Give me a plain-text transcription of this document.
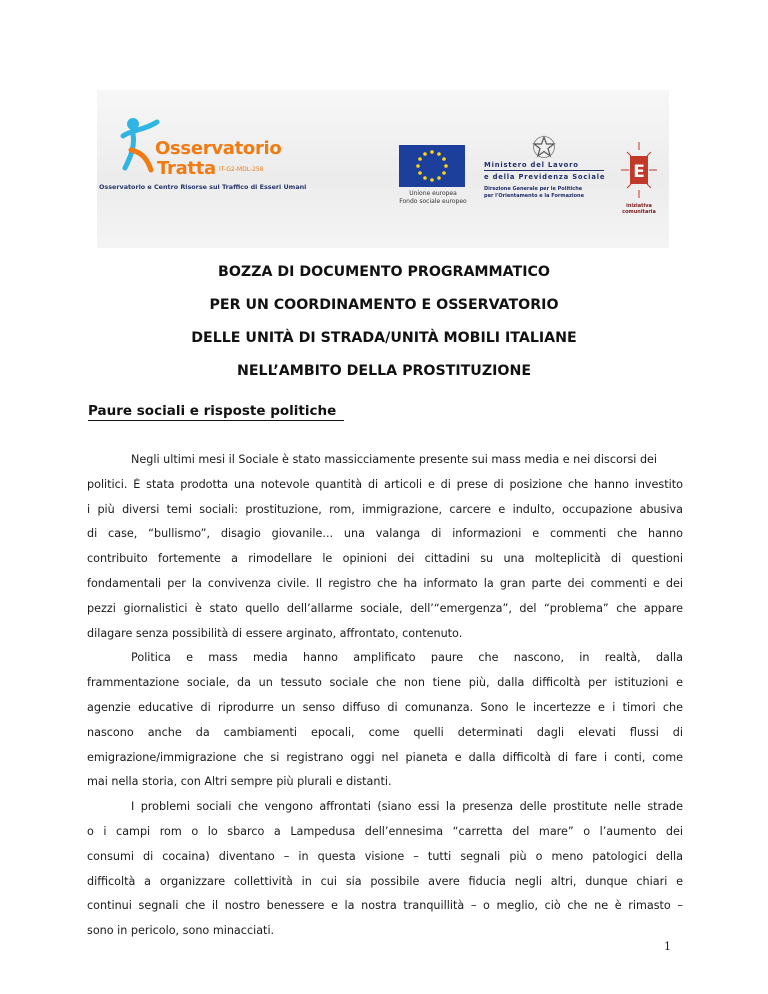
Osservatorio
Tratta IT-G2-MDL-258
Osservatorio e Centro Risorse sul Traffico di Esseri Umani
Unione europea
Fondo sociale europeo
Ministero del Lavoro
e della Previdenza Sociale
Direzione Generale per le Politiche
per l'Orientamento e la Formazione
E
iniziativa
comunitaria
BOZZA DI DOCUMENTO PROGRAMMATICO
PER UN COORDINAMENTO E OSSERVATORIO
DELLE UNITÀ DI STRADA/UNITÀ MOBILI ITALIANE
NELL’AMBITO DELLA PROSTITUZIONE
Paure sociali e risposte politiche
Negli ultimi mesi il Sociale è stato massicciamente presente sui mass media e nei discorsi dei
politici. È stata prodotta una notevole quantità di articoli e di prese di posizione che hanno investito
i più diversi temi sociali: prostituzione, rom, immigrazione, carcere e indulto, occupazione abusiva
di case, “bullismo”, disagio giovanile... una valanga di informazioni e commenti che hanno
contribuito fortemente a rimodellare le opinioni dei cittadini su una molteplicità di questioni
fondamentali per la convivenza civile. Il registro che ha informato la gran parte dei commenti e dei
pezzi giornalistici è stato quello dell’allarme sociale, dell’“emergenza”, del “problema” che appare
dilagare senza possibilità di essere arginato, affrontato, contenuto.
Politica e mass media hanno amplificato paure che nascono, in realtà, dalla
frammentazione sociale, da un tessuto sociale che non tiene più, dalla difficoltà per istituzioni e
agenzie educative di riprodurre un senso diffuso di comunanza. Sono le incertezze e i timori che
nascono anche da cambiamenti epocali, come quelli determinati dagli elevati flussi di
emigrazione/immigrazione che si registrano oggi nel pianeta e dalla difficoltà di fare i conti, come
mai nella storia, con Altri sempre più plurali e distanti.
I problemi sociali che vengono affrontati (siano essi la presenza delle prostitute nelle strade
o i campi rom o lo sbarco a Lampedusa dell’ennesima “carretta del mare” o l’aumento dei
consumi di cocaina) diventano – in questa visione – tutti segnali più o meno patologici della
difficoltà a organizzare collettività in cui sia possibile avere fiducia negli altri, dunque chiari e
continui segnali che il nostro benessere e la nostra tranquillità – o meglio, ciò che ne è rimasto –
sono in pericolo, sono minacciati.
1
